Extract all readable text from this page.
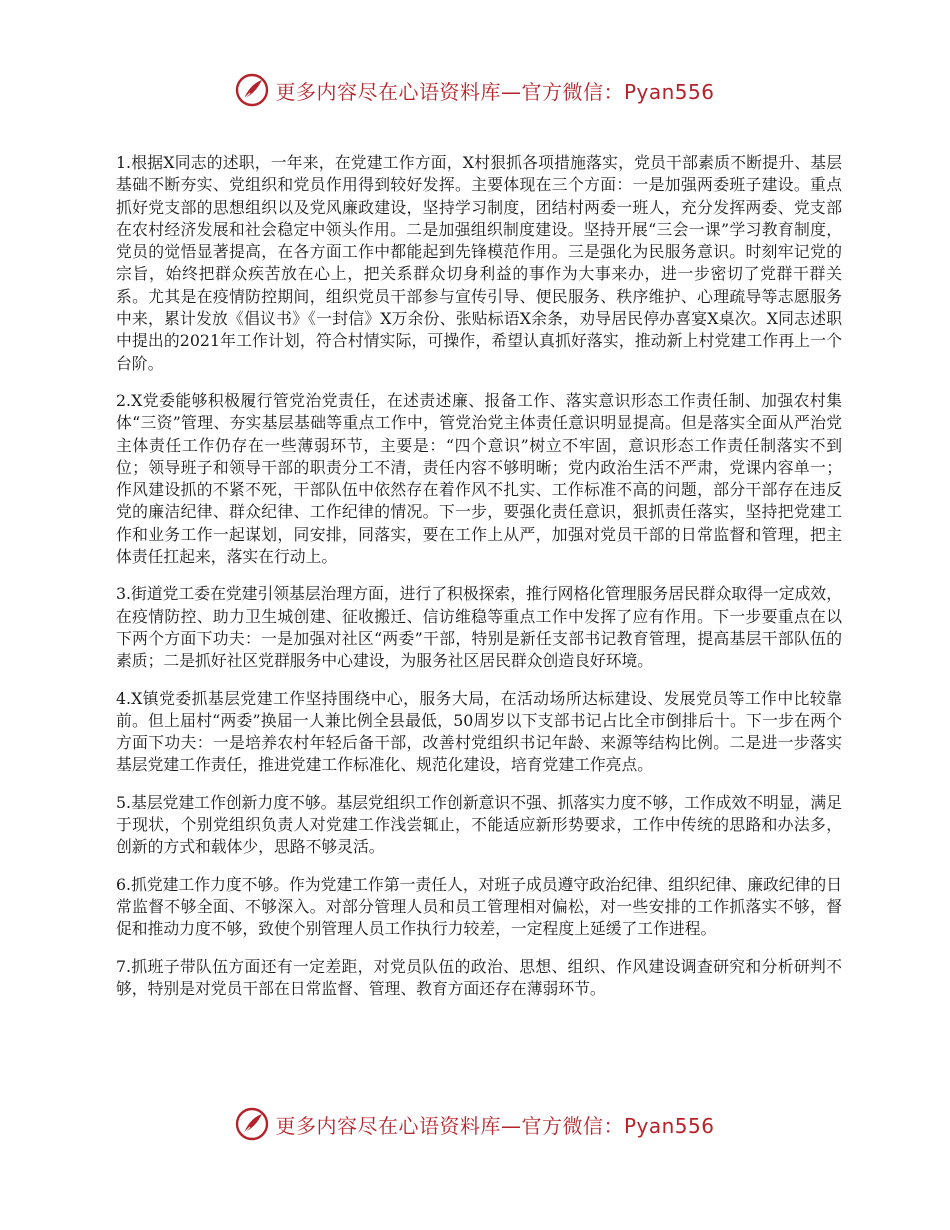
更多内容尽在心语资料库—官方微信：Pyan556

1.根据X同志的述职，一年来，在党建工作方面，X村狠抓各项措施落实，党员干部素质不断提升、基层基础不断夯实、党组织和党员作用得到较好发挥。主要体现在三个方面：一是加强两委班子建设。重点抓好党支部的思想组织以及党风廉政建设，坚持学习制度，团结村两委一班人，充分发挥两委、党支部在农村经济发展和社会稳定中领头作用。二是加强组织制度建设。坚持开展“三会一课”学习教育制度，党员的觉悟显著提高，在各方面工作中都能起到先锋模范作用。三是强化为民服务意识。时刻牢记党的宗旨，始终把群众疾苦放在心上，把关系群众切身利益的事作为大事来办，进一步密切了党群干群关系。尤其是在疫情防控期间，组织党员干部参与宣传引导、便民服务、秩序维护、心理疏导等志愿服务中来，累计发放《倡议书》《一封信》X万余份、张贴标语X余条，劝导居民停办喜宴X桌次。X同志述职中提出的2021年工作计划，符合村情实际，可操作，希望认真抓好落实，推动新上村党建工作再上一个台阶。

2.X党委能够积极履行管党治党责任，在述责述廉、报备工作、落实意识形态工作责任制、加强农村集体“三资”管理、夯实基层基础等重点工作中，管党治党主体责任意识明显提高。但是落实全面从严治党主体责任工作仍存在一些薄弱环节，主要是：“四个意识”树立不牢固，意识形态工作责任制落实不到位；领导班子和领导干部的职责分工不清，责任内容不够明晰；党内政治生活不严肃，党课内容单一；作风建设抓的不紧不死，干部队伍中依然存在着作风不扎实、工作标准不高的问题，部分干部存在违反党的廉洁纪律、群众纪律、工作纪律的情况。下一步，要强化责任意识，狠抓责任落实，坚持把党建工作和业务工作一起谋划，同安排，同落实，要在工作上从严，加强对党员干部的日常监督和管理，把主体责任扛起来，落实在行动上。

3.街道党工委在党建引领基层治理方面，进行了积极探索，推行网格化管理服务居民群众取得一定成效，在疫情防控、助力卫生城创建、征收搬迁、信访维稳等重点工作中发挥了应有作用。下一步要重点在以下两个方面下功夫：一是加强对社区“两委”干部，特别是新任支部书记教育管理，提高基层干部队伍的素质；二是抓好社区党群服务中心建设，为服务社区居民群众创造良好环境。

4.X镇党委抓基层党建工作坚持围绕中心，服务大局，在活动场所达标建设、发展党员等工作中比较靠前。但上届村“两委”换届一人兼比例全县最低，50周岁以下支部书记占比全市倒排后十。下一步在两个方面下功夫：一是培养农村年轻后备干部，改善村党组织书记年龄、来源等结构比例。二是进一步落实基层党建工作责任，推进党建工作标准化、规范化建设，培育党建工作亮点。

5.基层党建工作创新力度不够。基层党组织工作创新意识不强、抓落实力度不够，工作成效不明显，满足于现状，个别党组织负责人对党建工作浅尝辄止，不能适应新形势要求，工作中传统的思路和办法多，创新的方式和载体少，思路不够灵活。

6.抓党建工作力度不够。作为党建工作第一责任人，对班子成员遵守政治纪律、组织纪律、廉政纪律的日常监督不够全面、不够深入。对部分管理人员和员工管理相对偏松，对一些安排的工作抓落实不够，督促和推动力度不够，致使个别管理人员工作执行力较差，一定程度上延缓了工作进程。

7.抓班子带队伍方面还有一定差距，对党员队伍的政治、思想、组织、作风建设调查研究和分析研判不够，特别是对党员干部在日常监督、管理、教育方面还存在薄弱环节。

更多内容尽在心语资料库—官方微信：Pyan556
